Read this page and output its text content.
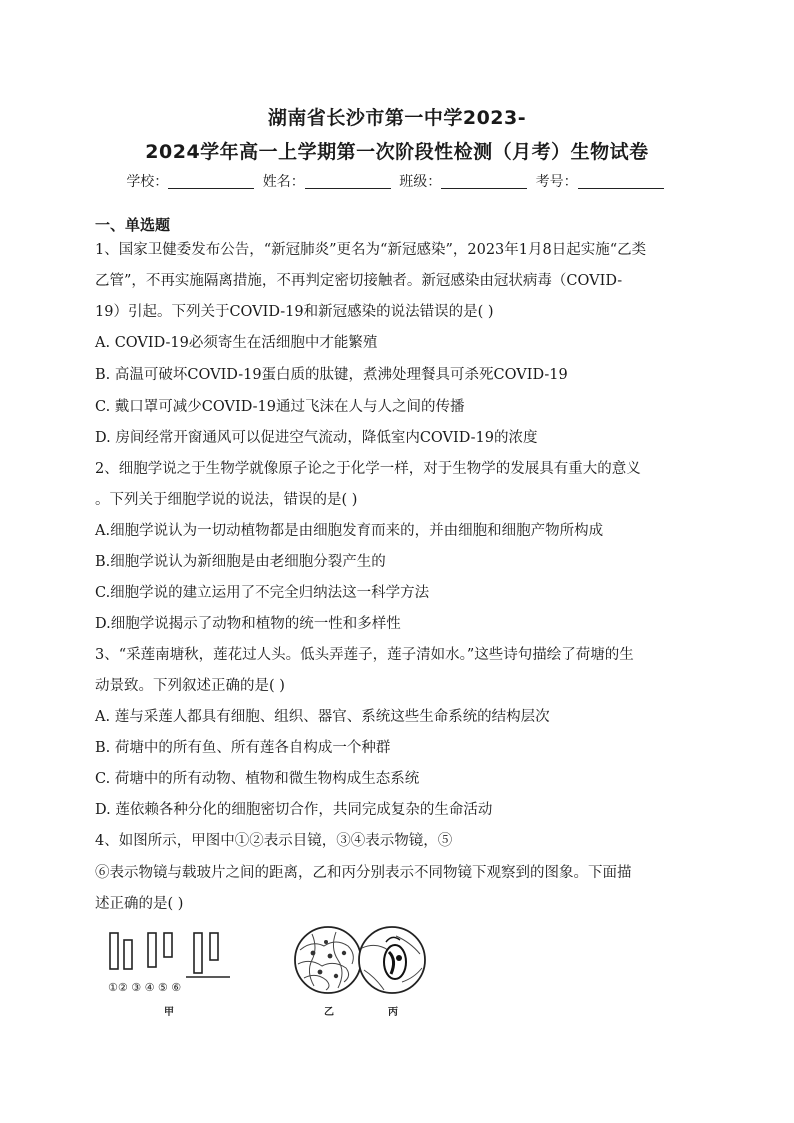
湖南省长沙市第一中学2023-
2024学年高一上学期第一次阶段性检测（月考）生物试卷
学校：	姓名：	班级：	考号：
一、单选题
1、国家卫健委发布公告，“新冠肺炎”更名为“新冠感染”，2023年1月8日起实施“乙类
乙管”，不再实施隔离措施，不再判定密切接触者。新冠感染由冠状病毒（COVID-
19）引起。下列关于COVID-19和新冠感染的说法错误的是( )
A. COVID-19必须寄生在活细胞中才能繁殖
B. 高温可破坏COVID-19蛋白质的肽键，煮沸处理餐具可杀死COVID-19
C. 戴口罩可减少COVID-19通过飞沫在人与人之间的传播
D. 房间经常开窗通风可以促进空气流动，降低室内COVID-19的浓度
2、细胞学说之于生物学就像原子论之于化学一样，对于生物学的发展具有重大的意义
。下列关于细胞学说的说法，错误的是( )
A.细胞学说认为一切动植物都是由细胞发育而来的，并由细胞和细胞产物所构成
B.细胞学说认为新细胞是由老细胞分裂产生的
C.细胞学说的建立运用了不完全归纳法这一科学方法
D.细胞学说揭示了动物和植物的统一性和多样性
3、“采莲南塘秋，莲花过人头。低头弄莲子，莲子清如水。”这些诗句描绘了荷塘的生
动景致。下列叙述正确的是( )
A. 莲与采莲人都具有细胞、组织、器官、系统这些生命系统的结构层次
B. 荷塘中的所有鱼、所有莲各自构成一个种群
C. 荷塘中的所有动物、植物和微生物构成生态系统
D. 莲依赖各种分化的细胞密切合作，共同完成复杂的生命活动
4、如图所示，甲图中①②表示目镜，③④表示物镜，⑤
⑥表示物镜与载玻片之间的距离，乙和丙分别表示不同物镜下观察到的图象。下面描
述正确的是( )
①② ③ ④ ⑤ ⑥
甲	乙	丙
